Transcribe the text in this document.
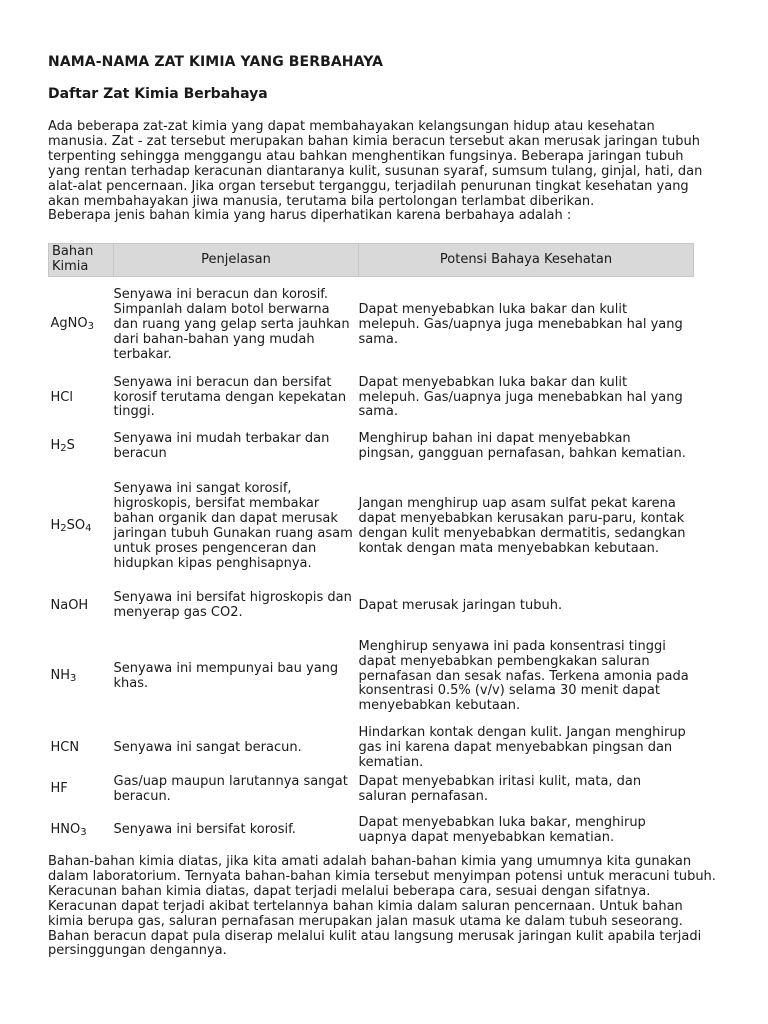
NAMA-NAMA ZAT KIMIA YANG BERBAHAYA
Daftar Zat Kimia Berbahaya

Ada beberapa zat-zat kimia yang dapat membahayakan kelangsungan hidup atau kesehatan manusia. Zat - zat tersebut merupakan bahan kimia beracun tersebut akan merusak jaringan tubuh terpenting sehingga menggangu atau bahkan menghentikan fungsinya. Beberapa jaringan tubuh yang rentan terhadap keracunan diantaranya kulit, susunan syaraf, sumsum tulang, ginjal, hati, dan alat-alat pencernaan. Jika organ tersebut terganggu, terjadilah penurunan tingkat kesehatan yang akan membahayakan jiwa manusia, terutama bila pertolongan terlambat diberikan.

Beberapa jenis bahan kimia yang harus diperhatikan karena berbahaya adalah :

Bahan Kimia	Penjelasan	Potensi Bahaya Kesehatan
AgNO3	Senyawa ini beracun dan korosif. Simpanlah dalam botol berwarna dan ruang yang gelap serta jauhkan dari bahan-bahan yang mudah terbakar.	Dapat menyebabkan luka bakar dan kulit melepuh. Gas/uapnya juga menebabkan hal yang sama.
HCl	Senyawa ini beracun dan bersifat korosif terutama dengan kepekatan tinggi.	Dapat menyebabkan luka bakar dan kulit melepuh. Gas/uapnya juga menebabkan hal yang sama.
H2S	Senyawa ini mudah terbakar dan beracun	Menghirup bahan ini dapat menyebabkan pingsan, gangguan pernafasan, bahkan kematian.
H2SO4	Senyawa ini sangat korosif, higroskopis, bersifat membakar bahan organik dan dapat merusak jaringan tubuh Gunakan ruang asam untuk proses pengenceran dan hidupkan kipas penghisapnya.	Jangan menghirup uap asam sulfat pekat karena dapat menyebabkan kerusakan paru-paru, kontak dengan kulit menyebabkan dermatitis, sedangkan kontak dengan mata menyebabkan kebutaan.
NaOH	Senyawa ini bersifat higroskopis dan menyerap gas CO2.	Dapat merusak jaringan tubuh.
NH3	Senyawa ini mempunyai bau yang khas.	Menghirup senyawa ini pada konsentrasi tinggi dapat menyebabkan pembengkakan saluran pernafasan dan sesak nafas. Terkena amonia pada konsentrasi 0.5% (v/v) selama 30 menit dapat menyebabkan kebutaan.
HCN	Senyawa ini sangat beracun.	Hindarkan kontak dengan kulit. Jangan menghirup gas ini karena dapat menyebabkan pingsan dan kematian.
HF	Gas/uap maupun larutannya sangat beracun.	Dapat menyebabkan iritasi kulit, mata, dan saluran pernafasan.
HNO3	Senyawa ini bersifat korosif.	Dapat menyebabkan luka bakar, menghirup uapnya dapat menyebabkan kematian.

Bahan-bahan kimia diatas, jika kita amati adalah bahan-bahan kimia yang umumnya kita gunakan dalam laboratorium. Ternyata bahan-bahan kimia tersebut menyimpan potensi untuk meracuni tubuh.

Keracunan bahan kimia diatas, dapat terjadi melalui beberapa cara, sesuai dengan sifatnya. Keracunan dapat terjadi akibat tertelannya bahan kimia dalam saluran pencernaan. Untuk bahan kimia berupa gas, saluran pernafasan merupakan jalan masuk utama ke dalam tubuh seseorang. Bahan beracun dapat pula diserap melalui kulit atau langsung merusak jaringan kulit apabila terjadi persinggungan dengannya.
